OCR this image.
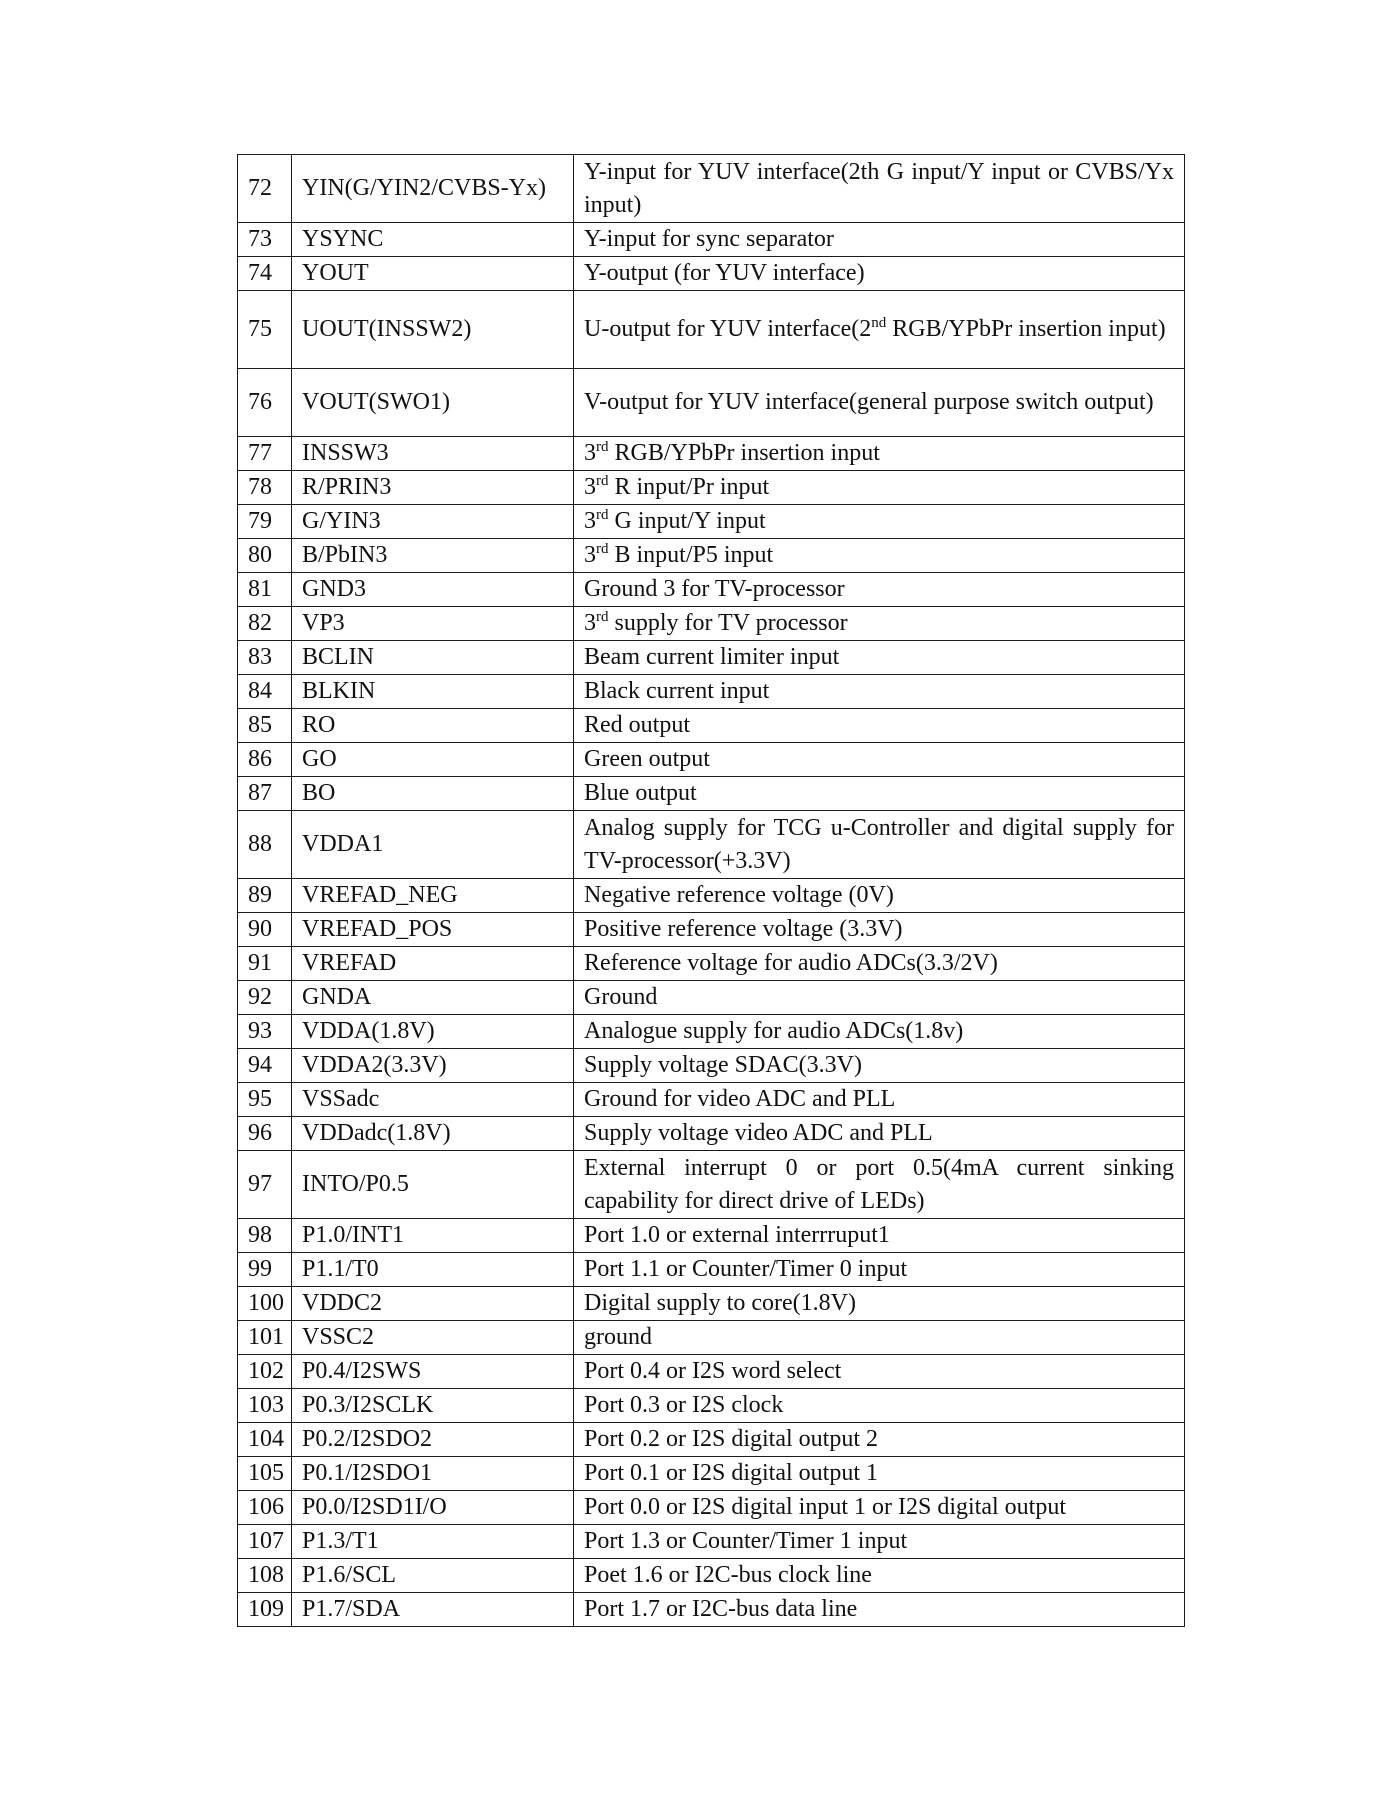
72	YIN(G/YIN2/CVBS-Yx)	Y-input for YUV interface(2th G input/Y input or CVBS/Yx input)
73	YSYNC	Y-input for sync separator
74	YOUT	Y-output (for YUV interface)
75	UOUT(INSSW2)	U-output for YUV interface(2nd RGB/YPbPr insertion input)
76	VOUT(SWO1)	V-output for YUV interface(general purpose switch output)
77	INSSW3	3rd RGB/YPbPr insertion input
78	R/PRIN3	3rd R input/Pr input
79	G/YIN3	3rd G input/Y input
80	B/PbIN3	3rd B input/P5 input
81	GND3	Ground 3 for TV-processor
82	VP3	3rd supply for TV processor
83	BCLIN	Beam current limiter input
84	BLKIN	Black current input
85	RO	Red output
86	GO	Green output
87	BO	Blue output
88	VDDA1	Analog supply for TCG u-Controller and digital supply for TV-processor(+3.3V)
89	VREFAD_NEG	Negative reference voltage (0V)
90	VREFAD_POS	Positive reference voltage (3.3V)
91	VREFAD	Reference voltage for audio ADCs(3.3/2V)
92	GNDA	Ground
93	VDDA(1.8V)	Analogue supply for audio ADCs(1.8v)
94	VDDA2(3.3V)	Supply voltage SDAC(3.3V)
95	VSSadc	Ground for video ADC and PLL
96	VDDadc(1.8V)	Supply voltage video ADC and PLL
97	INTO/P0.5	External interrupt 0 or port 0.5(4mA current sinking capability for direct drive of LEDs)
98	P1.0/INT1	Port 1.0 or external interrruput1
99	P1.1/T0	Port 1.1 or Counter/Timer 0 input
100	VDDC2	Digital supply to core(1.8V)
101	VSSC2	ground
102	P0.4/I2SWS	Port 0.4 or I2S word select
103	P0.3/I2SCLK	Port 0.3 or I2S clock
104	P0.2/I2SDO2	Port 0.2 or I2S digital output 2
105	P0.1/I2SDO1	Port 0.1 or I2S digital output 1
106	P0.0/I2SD1I/O	Port 0.0 or I2S digital input 1 or I2S digital output
107	P1.3/T1	Port 1.3 or Counter/Timer 1 input
108	P1.6/SCL	Poet 1.6 or I2C-bus clock line
109	P1.7/SDA	Port 1.7 or I2C-bus data line
